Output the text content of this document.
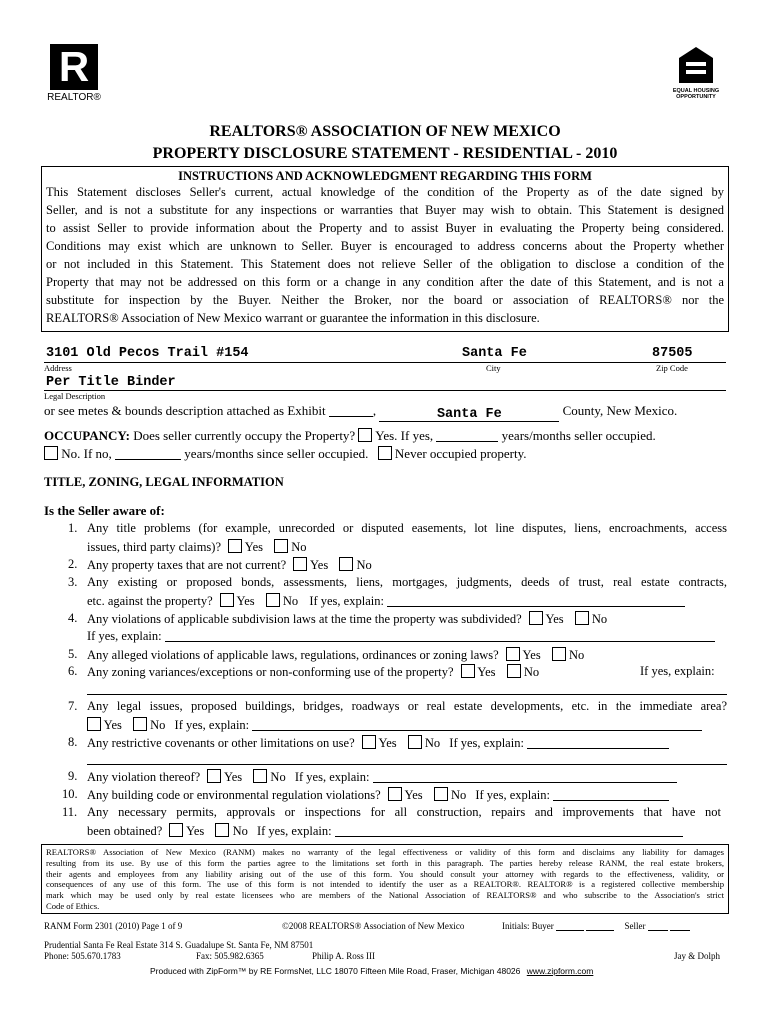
R
REALTOR®
EQUAL HOUSING
OPPORTUNITY
REALTORS® ASSOCIATION OF NEW MEXICO
PROPERTY DISCLOSURE STATEMENT - RESIDENTIAL - 2010
INSTRUCTIONS AND ACKNOWLEDGMENT REGARDING THIS FORM
This Statement discloses Seller's current, actual knowledge of the condition of the Property as of the date signed by
Seller, and is not a substitute for any inspections or warranties that Buyer may wish to obtain. This Statement is designed
to assist Seller to provide information about the Property and to assist Buyer in evaluating the Property being considered.
Conditions may exist which are unknown to Seller. Buyer is encouraged to address concerns about the Property whether
or not included in this Statement. This Statement does not relieve Seller of the obligation to disclose a condition of the
Property that may not be addressed on this form or a change in any condition after the date of this Statement, and is not a
substitute for inspection by the Buyer. Neither the Broker, nor the board or association of REALTORS® nor the
REALTORS® Association of New Mexico warrant or guarantee the information in this disclosure.
3101 Old Pecos Trail #154	Santa Fe	87505
Address	City	Zip Code
Per Title Binder
Legal Description
or see metes & bounds description attached as Exhibit	,	Santa Fe	County, New Mexico.
OCCUPANCY: Does seller currently occupy the Property? Yes. If yes,	years/months seller occupied.
No. If no,	years/months since seller occupied. Never occupied property.
TITLE, ZONING, LEGAL INFORMATION
Is the Seller aware of:
1. Any title problems (for example, unrecorded or disputed easements, lot line disputes, liens, encroachments, access
issues, third party claims)? Yes No
2. Any property taxes that are not current? Yes No
3. Any existing or proposed bonds, assessments, liens, mortgages, judgments, deeds of trust, real estate contracts,
etc. against the property? Yes No If yes, explain:
4. Any violations of applicable subdivision laws at the time the property was subdivided? Yes No
If yes, explain:
5. Any alleged violations of applicable laws, regulations, ordinances or zoning laws? Yes No
6. Any zoning variances/exceptions or non-conforming use of the property? Yes No	If yes, explain:
7. Any legal issues, proposed buildings, bridges, roadways or real estate developments, etc. in the immediate area?
Yes No If yes, explain:
8. Any restrictive covenants or other limitations on use? Yes No If yes, explain:
9. Any violation thereof? Yes No If yes, explain:
10. Any building code or environmental regulation violations? Yes No If yes, explain:
11. Any necessary permits, approvals or inspections for all construction, repairs and improvements that have not
been obtained? Yes No If yes, explain:
REALTORS® Association of New Mexico (RANM) makes no warranty of the legal effectiveness or validity of this form and disclaims any liability for damages
resulting from its use. By use of this form the parties agree to the limitations set forth in this paragraph. The parties hereby release RANM, the real estate brokers,
their agents and employees from any liability arising out of the use of this form. You should consult your attorney with regards to the effectiveness, validity, or
consequences of any use of this form. The use of this form is not intended to identify the user as a REALTOR®. REALTOR® is a registered collective membership
mark which may be used only by real estate licensees who are members of the National Association of REALTORS® and who subscribe to the Association's strict
Code of Ethics.
RANM Form 2301 (2010) Page 1 of 9	©2008 REALTORS® Association of New Mexico	Initials: Buyer	Seller
Prudential Santa Fe Real Estate 314 S. Guadalupe St. Santa Fe, NM 87501
Phone: 505.670.1783	Fax: 505.982.6365	Philip A. Ross III	Jay & Dolph
Produced with ZipForm™ by RE FormsNet, LLC 18070 Fifteen Mile Road, Fraser, Michigan 48026 www.zipform.com
